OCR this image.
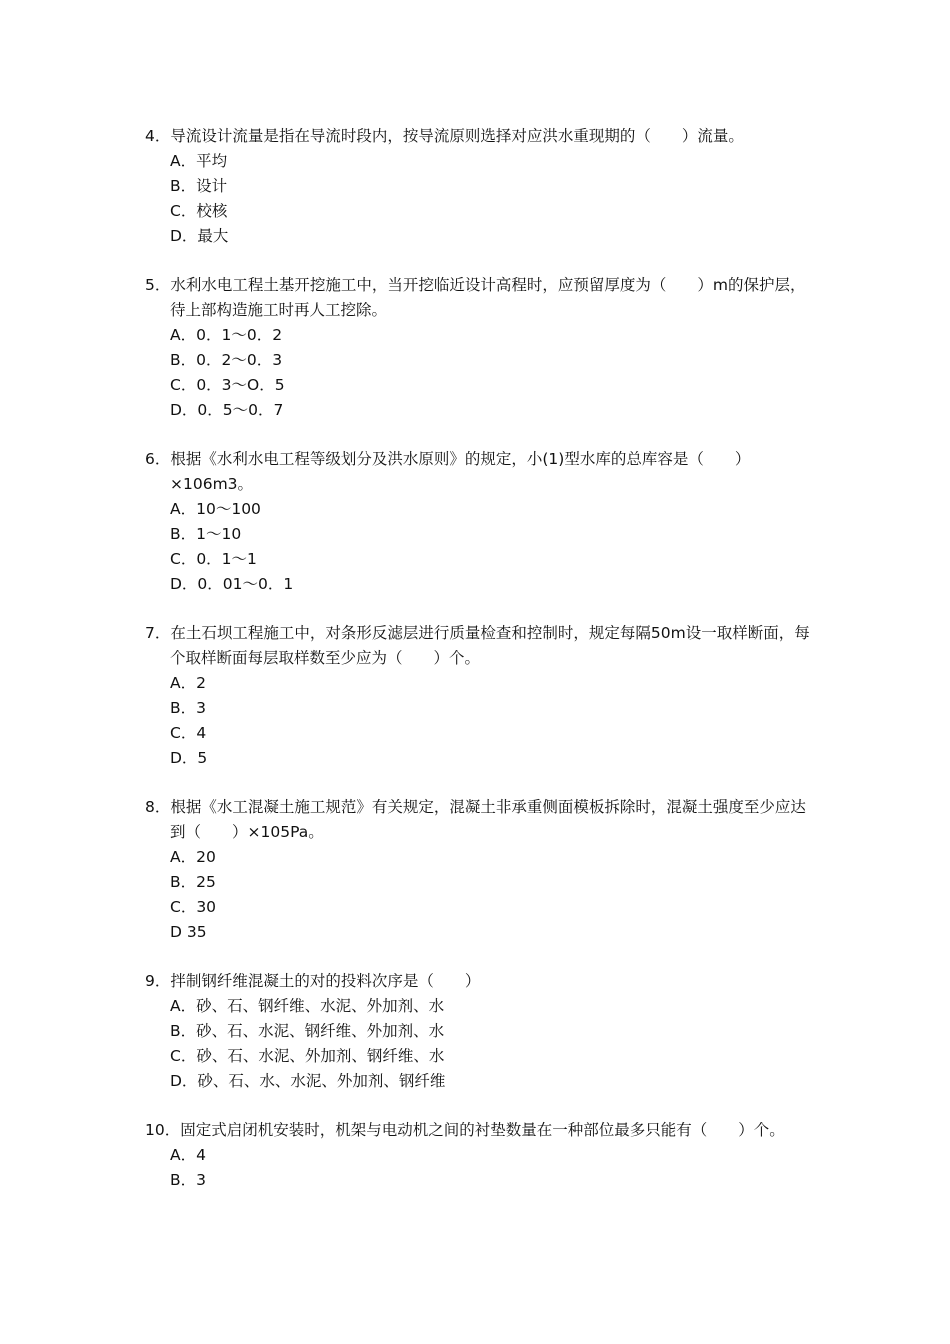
4．导流设计流量是指在导流时段内，按导流原则选择对应洪水重现期的（　　）流量。
A．平均
B．设计
C．校核
D．最大
5．水利水电工程土基开挖施工中，当开挖临近设计高程时，应预留厚度为（　　）m的保护层，待上部构造施工时再人工挖除。
A．0．1～0．2
B．0．2～0．3
C．0．3～O．5
D．0．5～0．7
6．根据《水利水电工程等级划分及洪水原则》的规定，小(1)型水库的总库容是（　　）×106m3。
A．10～100
B．1～10
C．0．1～1
D．0．01～0．1
7．在土石坝工程施工中，对条形反滤层进行质量检查和控制时，规定每隔50m设一取样断面，每个取样断面每层取样数至少应为（　　）个。
A．2
B．3
C．4
D．5
8．根据《水工混凝土施工规范》有关规定，混凝土非承重侧面模板拆除时，混凝土强度至少应达到（　　）×105Pa。
A．20
B．25
C．30
D 35
9．拌制钢纤维混凝土的对的投料次序是（　　）
A．砂、石、钢纤维、水泥、外加剂、水
B．砂、石、水泥、钢纤维、外加剂、水
C．砂、石、水泥、外加剂、钢纤维、水
D．砂、石、水、水泥、外加剂、钢纤维
10．固定式启闭机安装时，机架与电动机之间的衬垫数量在一种部位最多只能有（　　）个。
A．4
B．3
